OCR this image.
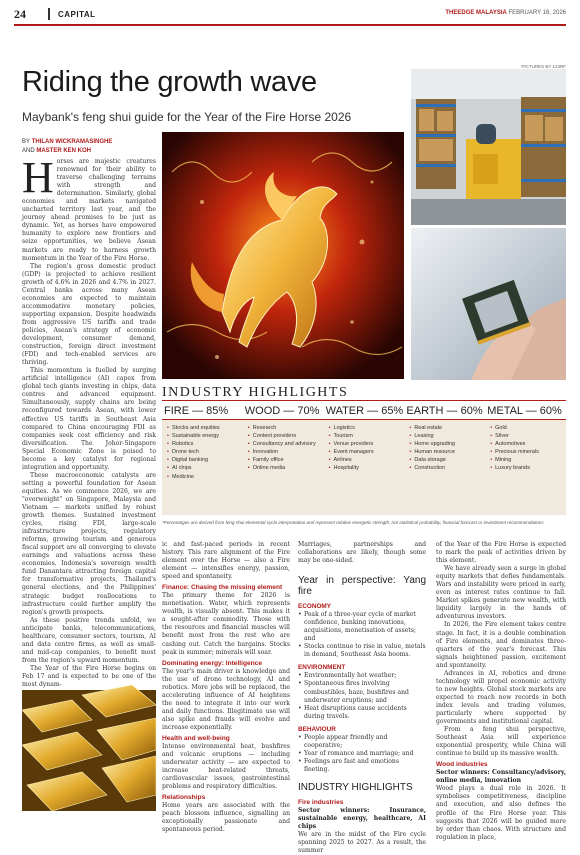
24	CAPITAL	THEEDGE MALAYSIA FEBRUARY 16, 2026
PICTURES BY 123RF
Riding the growth wave
Maybank's feng shui guide for the Year of the Fire Horse 2026
BY THILAN WICKRAMASINGHE
AND MASTER KEN KOH

Horses are majestic creatures renowned for their ability to traverse challenging terrains with strength and determination. Similarly, global economies and markets navigated uncharted territory last year, and the journey ahead promises to be just as dynamic. Yet, as horses have empowered humanity to explore new frontiers and seize opportunities, we believe Asean markets are ready to harness growth momentum in the Year of the Fire Horse.

The region's gross domestic product (GDP) is projected to achieve resilient growth of 4.6% in 2026 and 4.7% in 2027. Central banks across many Asean economies are expected to maintain accommodative monetary policies, supporting expansion. Despite headwinds from aggressive US tariffs and trade policies, Asean's strategy of economic development, consumer demand, construction, foreign direct investment (FDI) and tech-enabled services are thriving.

This momentum is fuelled by surging artificial intelligence (AI) capex from global tech giants investing in chips, data centres and advanced equipment. Simultaneously, supply chains are being reconfigured towards Asean, with lower effective US tariffs in Southeast Asia compared to China encouraging FDI as companies seek cost efficiency and risk diversification. The Johor-Singapore Special Economic Zone is poised to become a key catalyst for regional integration and opportunity.

These macroeconomic catalysts are setting a powerful foundation for Asean equities. As we commence 2026, we are "overweight" on Singapore, Malaysia and Vietnam — markets unified by robust growth themes. Sustained investment cycles, rising FDI, large-scale infrastructure projects, regulatory reforms, growing tourism and generous fiscal support are all converging to elevate earnings and valuations across these economies. Indonesia's sovereign wealth fund Danantara attracting foreign capital for transformative projects, Thailand's general elections, and the Philippines' strategic budget reallocations to infrastructure could further amplify the region's growth prospects.

As these positive trends unfold, we anticipate banks, telecommunications, healthcare, consumer sectors, tourism, AI and data centre firms, as well as small- and mid-cap companies, to benefit most from the region's upward momentum.

The Year of the Fire Horse begins on Feb 17 and is expected to be one of the most dynam-

INDUSTRY HIGHLIGHTS
FIRE — 85%
• Stocks and equities
• Sustainable energy
• Robotics
• Drone tech
• Digital banking
• AI chips
• Medicine
WOOD — 70%
• Research
• Content providers
• Consultancy and advisory
• Innovation
• Family office
• Online media
WATER — 65%
• Logistics
• Tourism
• Venue providers
• Event managers
• Airlines
• Hospitality
EARTH — 60%
• Real estate
• Leasing
• Home upgrading
• Human resource
• Data storage
• Construction
METAL — 60%
• Gold
• Silver
• Automotives
• Precious minerals
• Mining
• Luxury brands
*Percentages are derived from feng shui elemental cycle interpretation and represent relative energetic strength, not statistical probability, financial forecast or investment recommendations

ic and fast-paced periods in recent history. This rare alignment of the Fire element over the Horse — also a Fire element — intensifies energy, passion, speed and spontaneity.

Finance: Chasing the missing element

The primary theme for 2026 is monetisation. Water, which represents wealth, is visually absent. This makes it a sought-after commodity. Those with the resources and financial muscles will benefit most from the rest who are cashing out. Catch the bargains. Stocks peak in summer; minerals will soar.

Dominating energy: Intelligence

The year's main driver is knowledge and the use of drone technology, AI and robotics. More jobs will be replaced, the accelerating influence of AI heightens the need to integrate it into our work and daily functions. Illegitimate use will also spike and frauds will evolve and increase exponentially.

Health and well-being

Intense environmental heat, bushfires and volcanic eruptions — including underwater activity — are expected to increase heat-related threats, cardiovascular issues, gastrointestinal problems and respiratory difficulties.

Relationships

Home years are associated with the peach blossom influence, signalling an exceptionally passionate and spontaneous period.

Marriages, partnerships and collaborations are likely, though some may be one-sided.

Year in perspective: Yang fire
ECONOMY
• Peak of a three-year cycle of market confidence, banking innovations, acquisitions, monetisation of assets; and
• Stocks continue to rise in value, metals in demand, Southeast Asia booms.
ENVIRONMENT
• Environmentally hot weather;
• Spontaneous fires involving combustibles, haze, bushfires and underwater eruptions; and
• Heat disruptions cause accidents during travels.
BEHAVIOUR
• People appear friendly and cooperative;
• Year of romance and marriage; and
• Feelings are fast and emotions fleeting.
INDUSTRY HIGHLIGHTS
Fire industries

Sector winners: Insurance, sustainable energy, healthcare, AI chips

We are in the midst of the Fire cycle spanning 2025 to 2027. As a result, the summer

of the Year of the Fire Horse is expected to mark the peak of activities driven by this element.

We have already seen a surge in global equity markets that defies fundamentals. Wars and instability were priced in early, even as interest rates continue to fall. Market spikes generate new wealth, with liquidity largely in the hands of adventurous investors.

In 2026, the Fire element takes centre stage. In fact, it is a double combination of Fire elements, and dominates three-quarters of the year's forecast. This signals heightened passion, excitement and spontaneity.

Advances in AI, robotics and drone technology will propel economic activity to new heights. Global stock markets are expected to reach new records in both index levels and trading volumes, particularly where supported by governments and institutional capital.

From a feng shui perspective, Southeast Asia will experience exponential prosperity, while China will continue to build up its massive wealth.

Wood industries

Sector winners: Consultancy/advisory, online media, innovation

Wood plays a dual role in 2026. It symbolises competitiveness, discipline and execution, and also defines the profile of the Fire Horse year. This suggests that 2026 will be guided more by order than chaos. With structure and regulation in place,
